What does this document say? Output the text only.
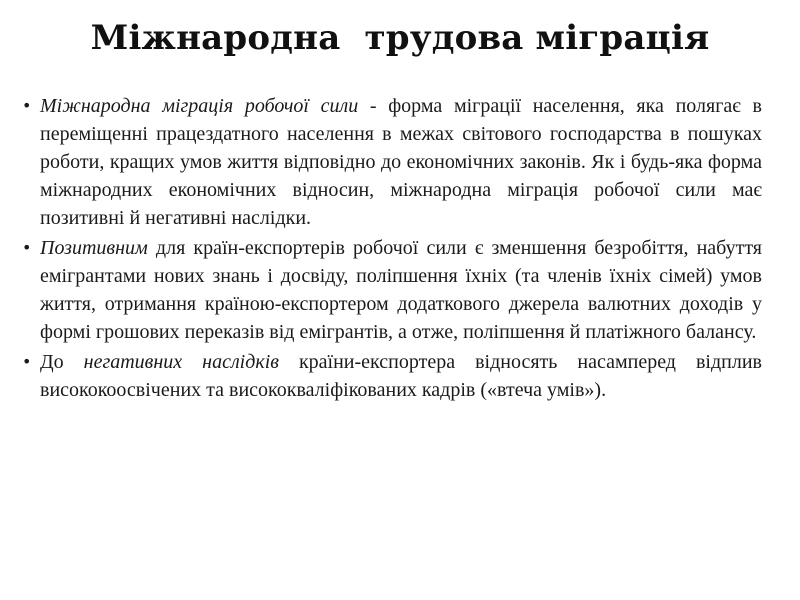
Міжнародна  трудова міграція
• Міжнародна міграція робочої сили - форма міграції населення, яка полягає в переміщенні працездатного населення в межах світового господарства в пошуках роботи, кращих умов життя відповідно до економічних законів. Як і будь-яка форма міжнародних економічних відносин, міжнародна міграція робочої сили має позитивні й негативні наслідки.
• Позитивним для країн-експортерів робочої сили є зменшення безробіття, набуття емігрантами нових знань і досвіду, поліпшення їхніх (та членів їхніх сімей) умов життя, отримання країною-експортером додаткового джерела валютних доходів у формі грошових переказів від емігрантів, а отже, поліпшення й платіжного балансу.
• До негативних наслідків країни-експортера відносять насамперед відплив висококоосвічених та висококваліфікованих кадрів («втеча умів»).
